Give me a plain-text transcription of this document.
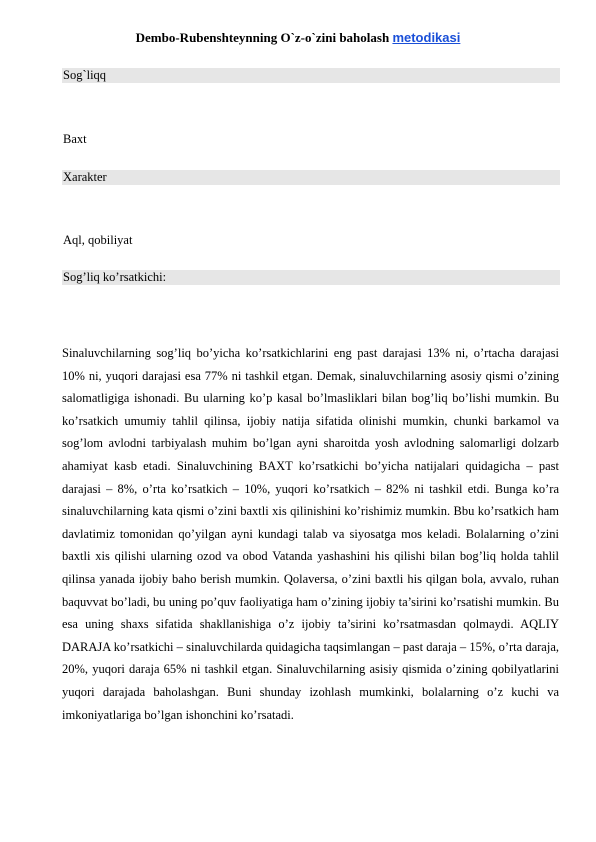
Dembo-Rubenshteynning O`z-o`zini baholash metodikasi
Sog`liqq
Baxt
Xarakter
Aql, qobiliyat
Sog’liq ko’rsatkichi:
Sinaluvchilarning sog’liq bo’yicha ko’rsatkichlarini eng past darajasi 13% ni, o’rtacha darajasi 10% ni, yuqori darajasi esa 77% ni tashkil etgan. Demak, sinaluvchilarning asosiy qismi o’zining salomatligiga ishonadi. Bu ularning ko’p kasal bo’lmasliklari bilan bog’liq bo’lishi mumkin. Bu ko’rsatkich umumiy tahlil qilinsa, ijobiy natija sifatida olinishi mumkin, chunki barkamol va sog’lom avlodni tarbiyalash muhim bo’lgan ayni sharoitda yosh avlodning salomarligi dolzarb ahamiyat kasb etadi. Sinaluvchining BAXT ko’rsatkichi bo’yicha natijalari quidagicha – past darajasi – 8%, o’rta ko’rsatkich – 10%, yuqori ko’rsatkich – 82% ni tashkil etdi. Bunga ko’ra sinaluvchilarning kata qismi o’zini baxtli xis qilinishini ko’rishimiz mumkin. Bbu ko’rsatkich ham davlatimiz tomonidan qo’yilgan ayni kundagi talab va siyosatga mos keladi. Bolalarning o’zini baxtli xis qilishi ularning ozod va obod Vatanda yashashini his qilishi bilan bog’liq holda tahlil qilinsa yanada ijobiy baho berish mumkin. Qolaversa, o’zini baxtli his qilgan bola, avvalo, ruhan baquvvat bo’ladi, bu uning po’quv faoliyatiga ham o’zining ijobiy ta’sirini ko’rsatishi mumkin. Bu esa uning shaxs sifatida shakllanishiga o’z ijobiy ta’sirini ko’rsatmasdan qolmaydi. AQLIY DARAJA ko’rsatkichi – sinaluvchilarda quidagicha taqsimlangan – past daraja – 15%, o’rta daraja, 20%, yuqori daraja 65% ni tashkil etgan. Sinaluvchilarning asisiy qismida o’zining qobilyatlarini yuqori darajada baholashgan. Buni shunday izohlash mumkinki, bolalarning o’z kuchi va imkoniyatlariga bo’lgan ishonchini ko’rsatadi.
